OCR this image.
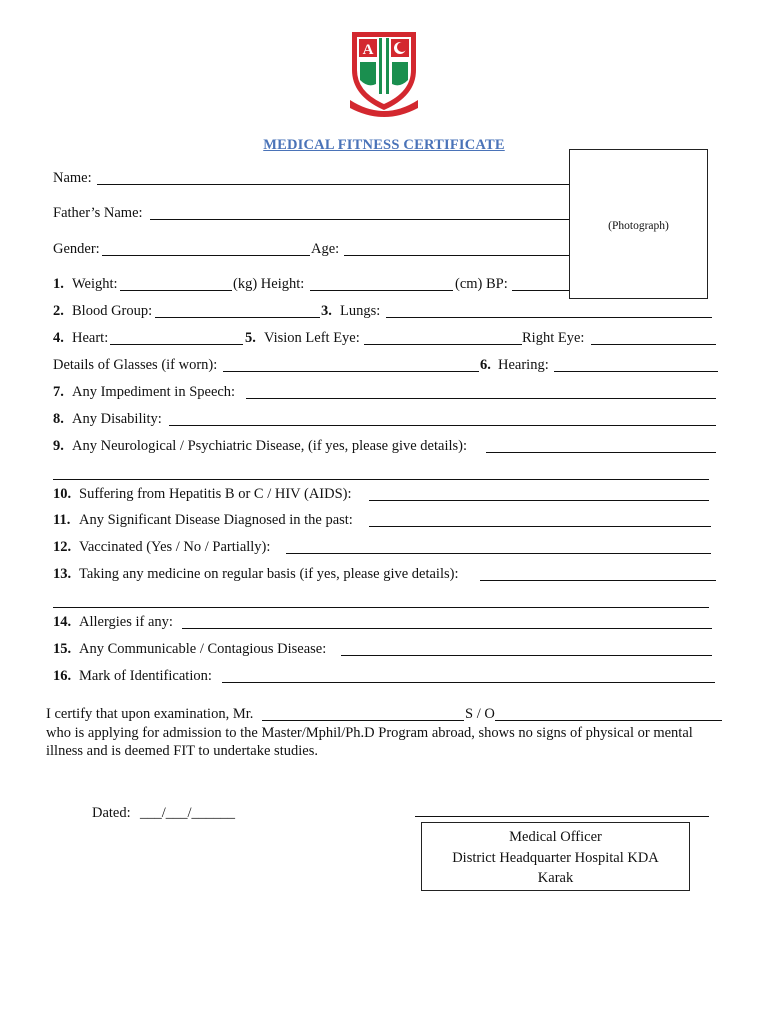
A
MEDICAL FITNESS CERTIFICATE
(Photograph)
Name:
Father’s Name:
Gender:	Age:
1. Weight:	(kg) Height:	(cm) BP:
2. Blood Group:	3. Lungs:
4. Heart:	5. Vision Left Eye:	Right Eye:
Details of Glasses (if worn):	6. Hearing:
7. Any Impediment in Speech:
8. Any Disability:
9. Any Neurological / Psychiatric Disease, (if yes, please give details):
10. Suffering from Hepatitis B or C / HIV (AIDS):
11. Any Significant Disease Diagnosed in the past:
12. Vaccinated (Yes / No / Partially):
13. Taking any medicine on regular basis (if yes, please give details):
14. Allergies if any:
15. Any Communicable / Contagious Disease:
16. Mark of Identification:
I certify that upon examination, Mr.	S / O
who is applying for admission to the Master/Mphil/Ph.D Program abroad, shows no signs of physical or mental
illness and is deemed FIT to undertake studies.
Dated: ___/___/______
Medical Officer
District Headquarter Hospital KDA
Karak
